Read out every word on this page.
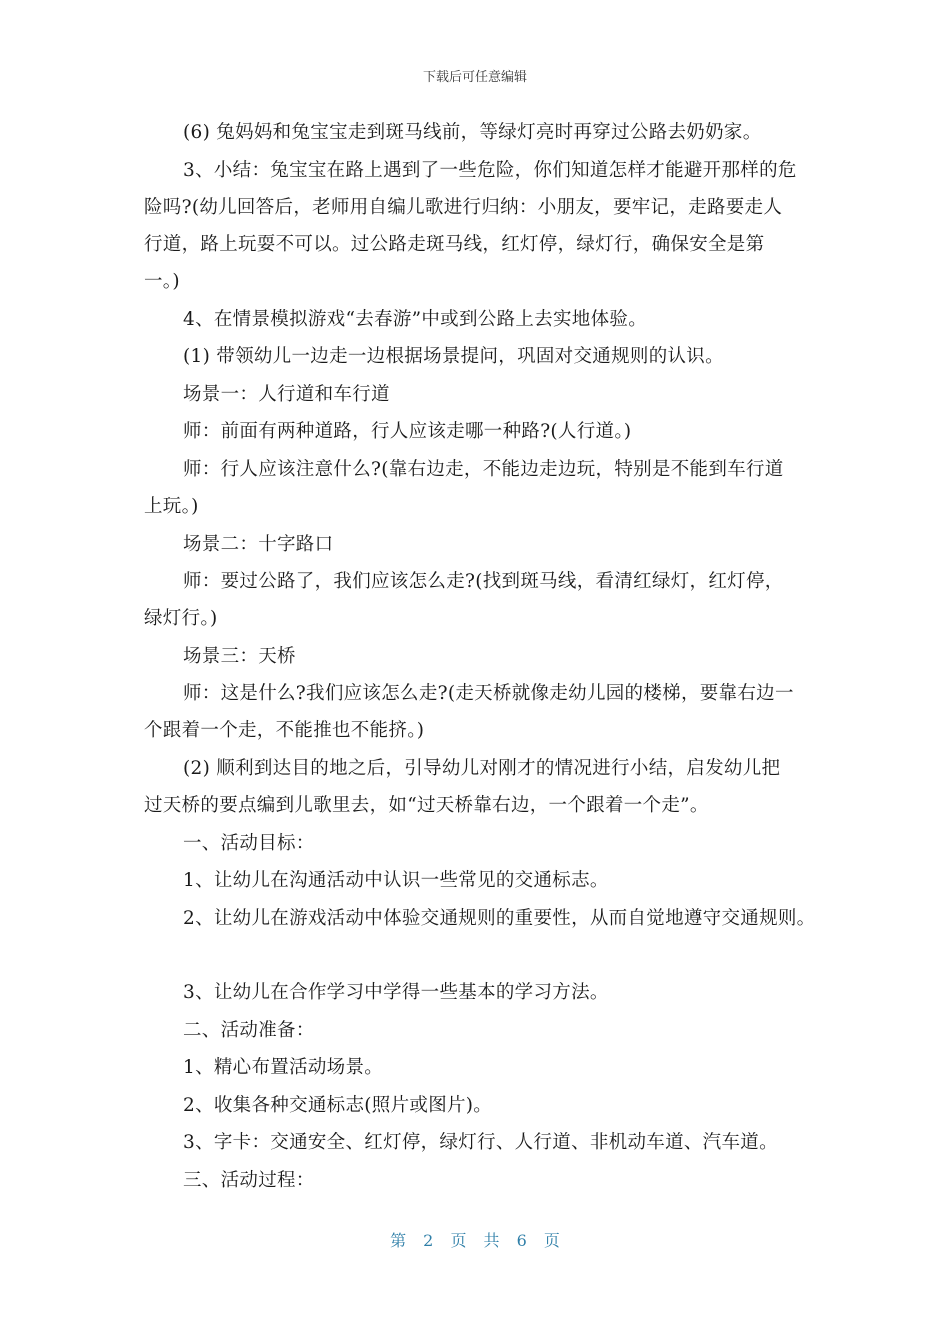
下载后可任意编辑
(6) 兔妈妈和兔宝宝走到斑马线前，等绿灯亮时再穿过公路去奶奶家。
3、小结：兔宝宝在路上遇到了一些危险，你们知道怎样才能避开那样的危
险吗?(幼儿回答后，老师用自编儿歌进行归纳：小朋友，要牢记，走路要走人
行道，路上玩耍不可以。过公路走斑马线，红灯停，绿灯行，确保安全是第
一。)
4、在情景模拟游戏“去春游”中或到公路上去实地体验。
(1) 带领幼儿一边走一边根据场景提问，巩固对交通规则的认识。
场景一：人行道和车行道
师：前面有两种道路，行人应该走哪一种路?(人行道。)
师：行人应该注意什么?(靠右边走，不能边走边玩，特别是不能到车行道
上玩。)
场景二：十字路口
师：要过公路了，我们应该怎么走?(找到斑马线，看清红绿灯，红灯停，
绿灯行。)
场景三：天桥
师：这是什么?我们应该怎么走?(走天桥就像走幼儿园的楼梯，要靠右边一
个跟着一个走，不能推也不能挤。)
(2) 顺利到达目的地之后，引导幼儿对刚才的情况进行小结，启发幼儿把
过天桥的要点编到儿歌里去，如“过天桥靠右边，一个跟着一个走”。
一、活动目标：
1、让幼儿在沟通活动中认识一些常见的交通标志。
2、让幼儿在游戏活动中体验交通规则的重要性，从而自觉地遵守交通规则。
3、让幼儿在合作学习中学得一些基本的学习方法。
二、活动准备：
1、精心布置活动场景。
2、收集各种交通标志(照片或图片)。
3、字卡：交通安全、红灯停，绿灯行、人行道、非机动车道、汽车道。
三、活动过程：
第 2 页 共 6 页
